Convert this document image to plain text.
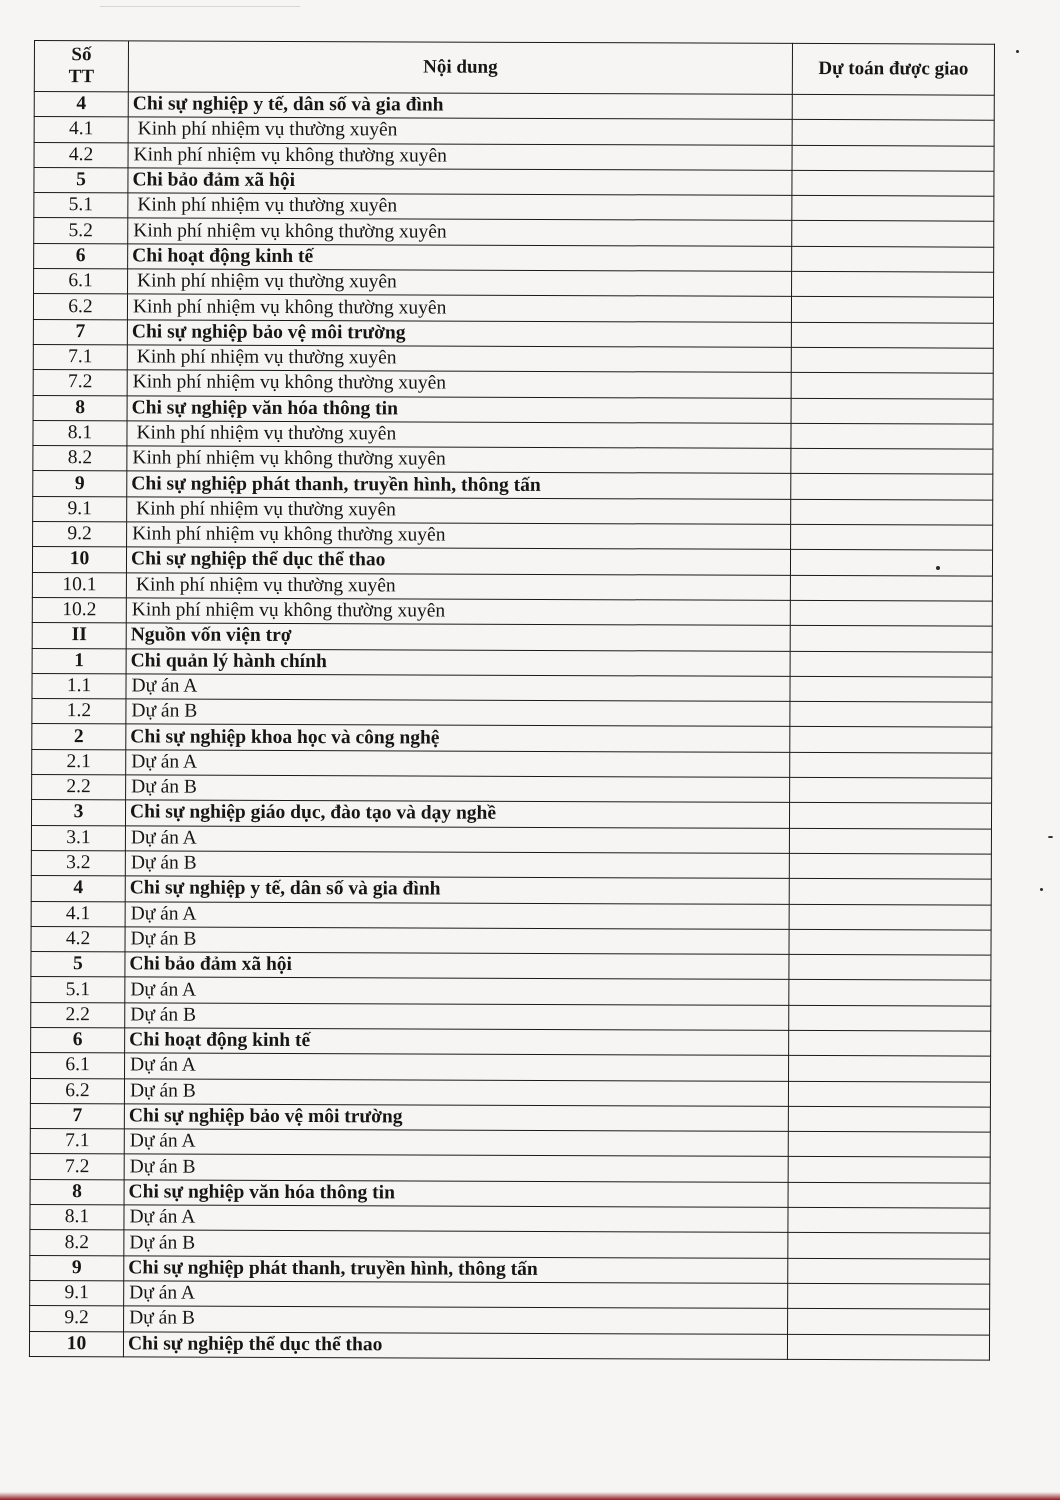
Số
TT	Nội dung	Dự toán được giao
4	Chi sự nghiệp y tế, dân số và gia đình	
4.1	Kinh phí nhiệm vụ thường xuyên	
4.2	Kinh phí nhiệm vụ không thường xuyên	
5	Chi bảo đảm xã hội	
5.1	Kinh phí nhiệm vụ thường xuyên	
5.2	Kinh phí nhiệm vụ không thường xuyên	
6	Chi hoạt động kinh tế	
6.1	Kinh phí nhiệm vụ thường xuyên	
6.2	Kinh phí nhiệm vụ không thường xuyên	
7	Chi sự nghiệp bảo vệ môi trường	
7.1	Kinh phí nhiệm vụ thường xuyên	
7.2	Kinh phí nhiệm vụ không thường xuyên	
8	Chi sự nghiệp văn hóa thông tin	
8.1	Kinh phí nhiệm vụ thường xuyên	
8.2	Kinh phí nhiệm vụ không thường xuyên	
9	Chi sự nghiệp phát thanh, truyền hình, thông tấn	
9.1	Kinh phí nhiệm vụ thường xuyên	
9.2	Kinh phí nhiệm vụ không thường xuyên	
10	Chi sự nghiệp thể dục thể thao	
10.1	Kinh phí nhiệm vụ thường xuyên	
10.2	Kinh phí nhiệm vụ không thường xuyên	
II	Nguồn vốn viện trợ	
1	Chi quản lý hành chính	
1.1	Dự án A	
1.2	Dự án B	
2	Chi sự nghiệp khoa học và công nghệ	
2.1	Dự án A	
2.2	Dự án B	
3	Chi sự nghiệp giáo dục, đào tạo và dạy nghề	
3.1	Dự án A	
3.2	Dự án B	
4	Chi sự nghiệp y tế, dân số và gia đình	
4.1	Dự án A	
4.2	Dự án B	
5	Chi bảo đảm xã hội	
5.1	Dự án A	
2.2	Dự án B	
6	Chi hoạt động kinh tế	
6.1	Dự án A	
6.2	Dự án B	
7	Chi sự nghiệp bảo vệ môi trường	
7.1	Dự án A	
7.2	Dự án B	
8	Chi sự nghiệp văn hóa thông tin	
8.1	Dự án A	
8.2	Dự án B	
9	Chi sự nghiệp phát thanh, truyền hình, thông tấn	
9.1	Dự án A	
9.2	Dự án B	
10	Chi sự nghiệp thể dục thể thao	
